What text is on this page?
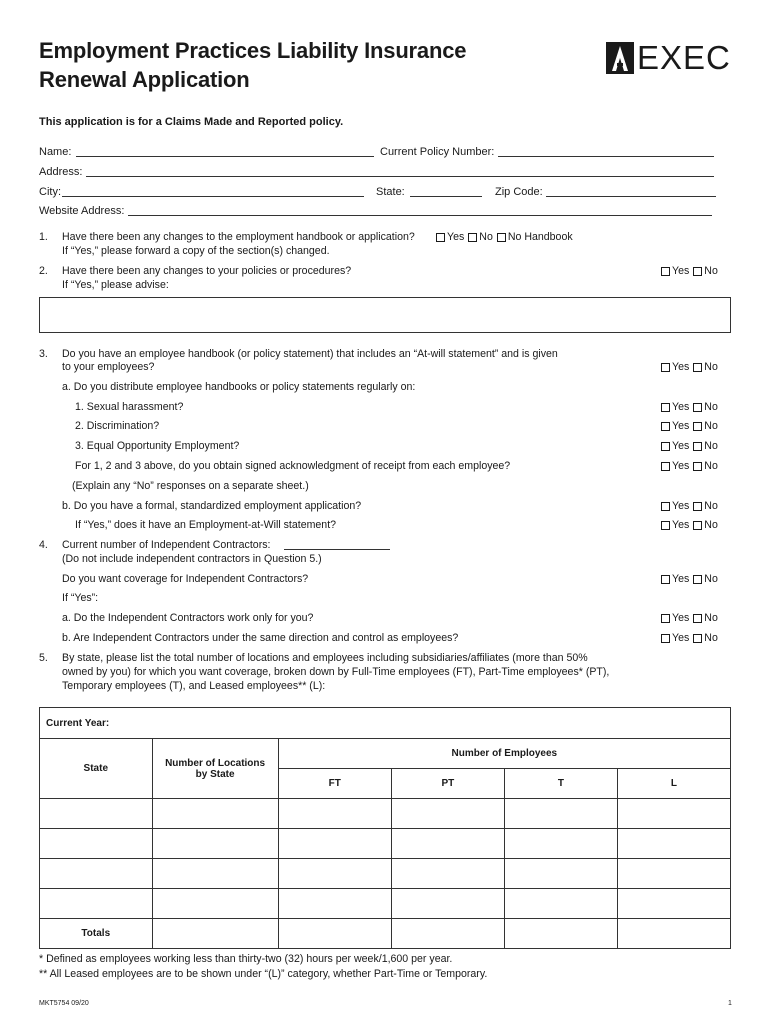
Employment Practices Liability Insurance
Renewal Application
EXEC
This application is for a Claims Made and Reported policy.
Name:	Current Policy Number:
Address:
City:	State:	Zip Code:
Website Address:
1. Have there been any changes to the employment handbook or application?	Yes No No Handbook
If “Yes,” please forward a copy of the section(s) changed.
2. Have there been any changes to your policies or procedures?
If “Yes,” please advise:
Yes No
3. Do you have an employee handbook (or policy statement) that includes an “At-will statement” and is given
to your employees?	Yes No
a. Do you distribute employee handbooks or policy statements regularly on:
1. Sexual harassment?	Yes No
2. Discrimination?	Yes No
3. Equal Opportunity Employment?	Yes No
For 1, 2 and 3 above, do you obtain signed acknowledgment of receipt from each employee?	Yes No
(Explain any “No” responses on a separate sheet.)
b. Do you have a formal, standardized employment application?	Yes No
If “Yes,” does it have an Employment-at-Will statement?	Yes No
4. Current number of Independent Contractors:
(Do not include independent contractors in Question 5.)
Do you want coverage for Independent Contractors?	Yes No
If “Yes”:
a. Do the Independent Contractors work only for you?	Yes No
b. Are Independent Contractors under the same direction and control as employees?	Yes No
5. By state, please list the total number of locations and employees including subsidiaries/affiliates (more than 50%
owned by you) for which you want coverage, broken down by Full-Time employees (FT), Part-Time employees* (PT),
Temporary employees (T), and Leased employees** (L):
Current Year:					
State	Number of Locations by State	Number of Employees			
		FT	PT	T	L

Totals					
* Defined as employees working less than thirty-two (32) hours per week/1,600 per year.
** All Leased employees are to be shown under “(L)” category, whether Part-Time or Temporary.
MKT5754 09/20	1
